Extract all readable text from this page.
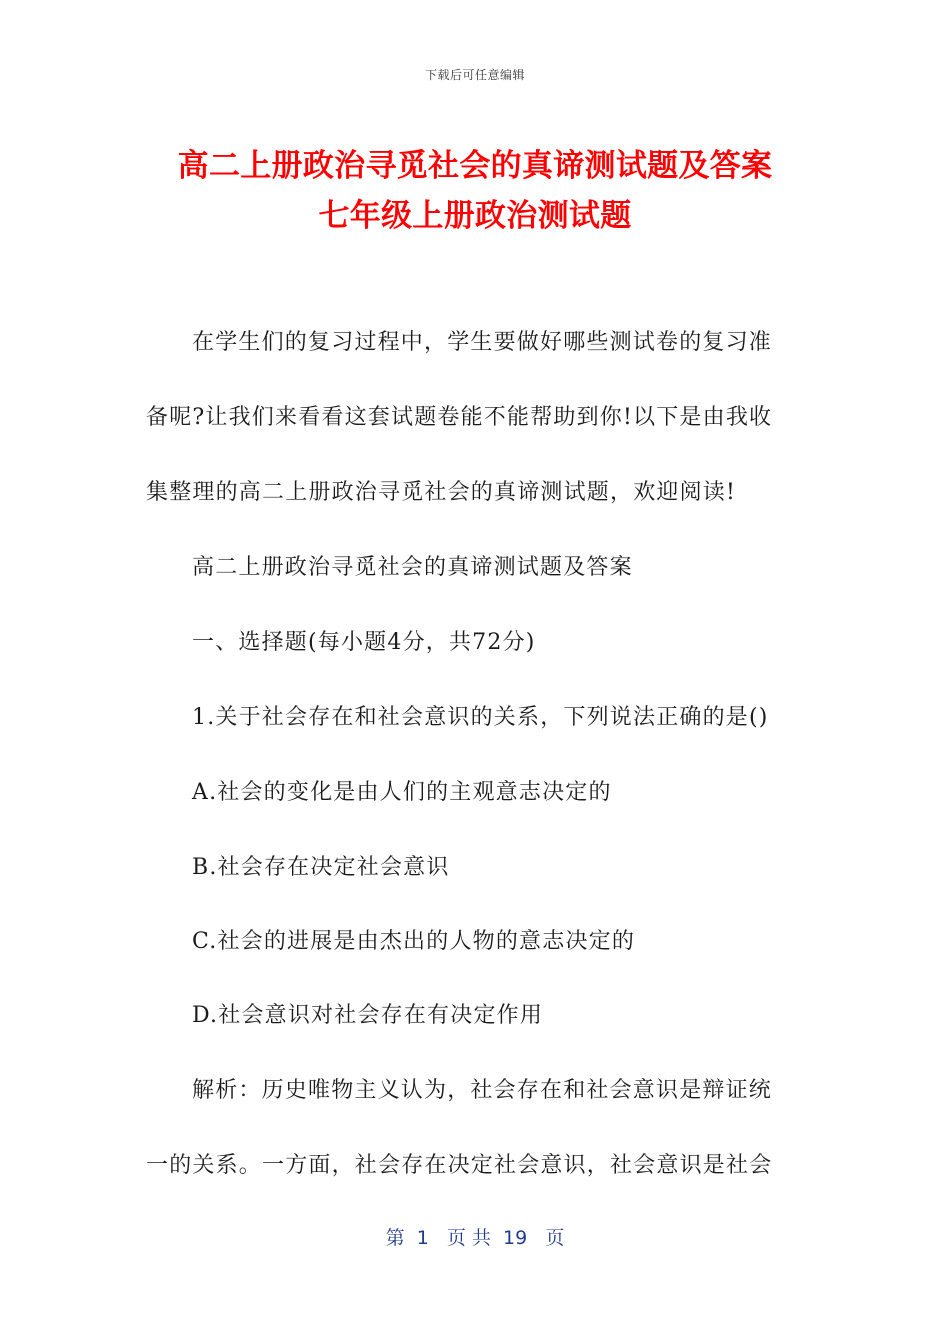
下载后可任意编辑
高二上册政治寻觅社会的真谛测试题及答案
七年级上册政治测试题
在学生们的复习过程中，学生要做好哪些测试卷的复习准
备呢?让我们来看看这套试题卷能不能帮助到你!以下是由我收
集整理的高二上册政治寻觅社会的真谛测试题，欢迎阅读!
高二上册政治寻觅社会的真谛测试题及答案
一、选择题(每小题4分，共72分)
1.关于社会存在和社会意识的关系，下列说法正确的是()
A.社会的变化是由人们的主观意志决定的
B.社会存在决定社会意识
C.社会的进展是由杰出的人物的意志决定的
D.社会意识对社会存在有决定作用
解析：历史唯物主义认为，社会存在和社会意识是辩证统
一的关系。一方面，社会存在决定社会意识，社会意识是社会
第  1   页 共  19   页
